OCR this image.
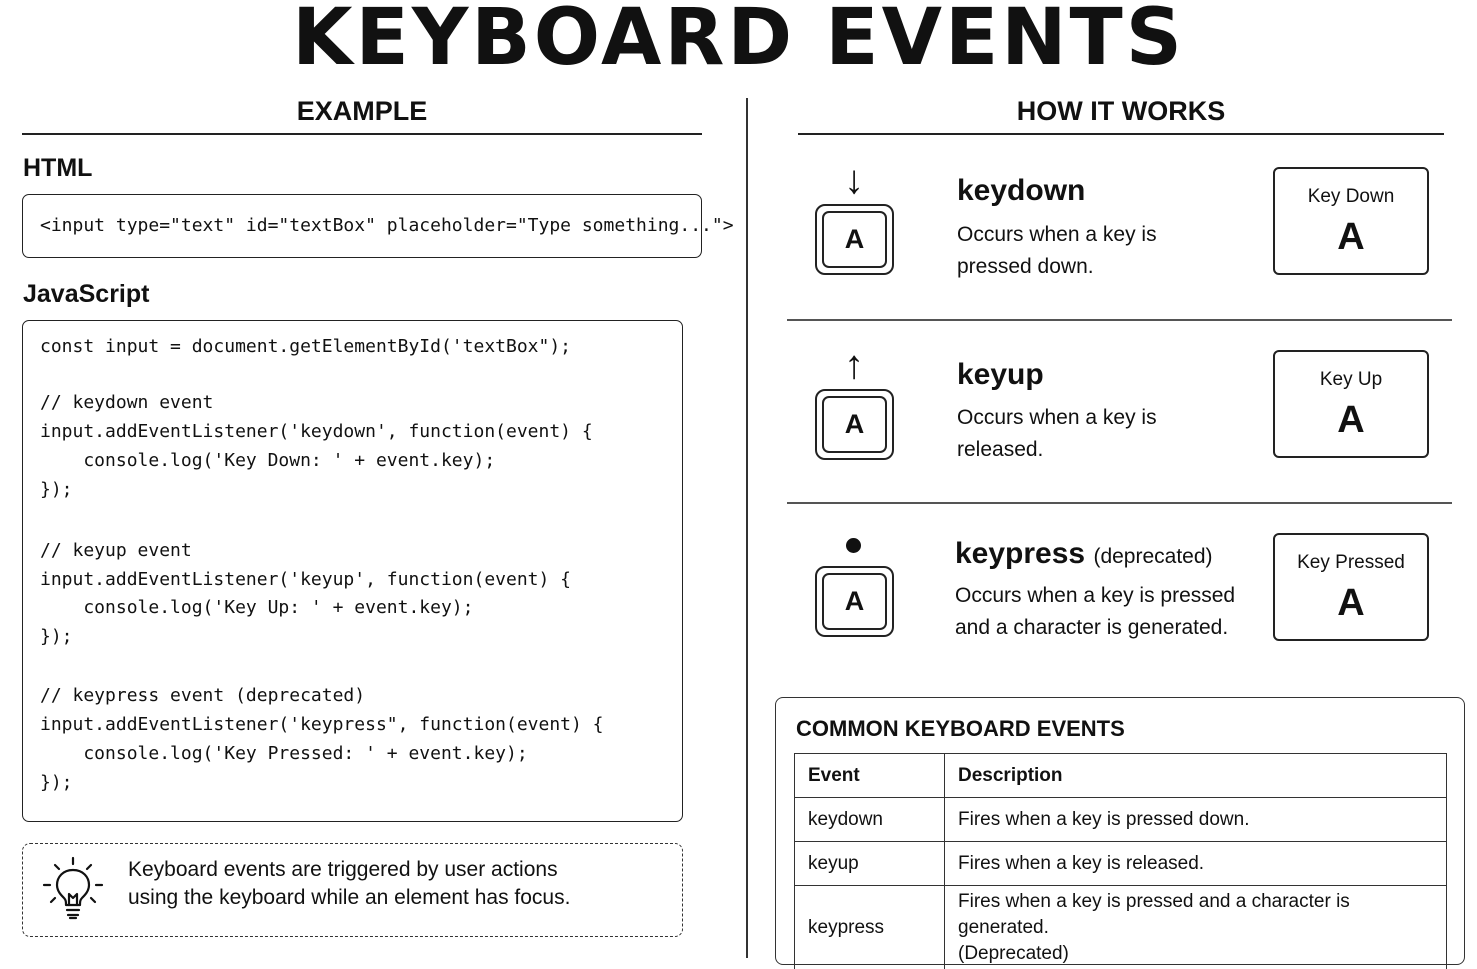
KEYBOARD EVENTS
EXAMPLE
HTML
<input type="text" id="textBox" placeholder="Type something...">
JavaScript
const input = document.getElementById('textBox");
// keydown event
input.addEventListener('keydown', function(event) {
console.log('Key Down: ' + event.key);
});
// keyup event
input.addEventListener('keyup', function(event) {
console.log('Key Up: ' + event.key);
});
// keypress event (deprecated)
input.addEventListener('keypress", function(event) {
console.log('Key Pressed: ' + event.key);
});
Keyboard events are triggered by user actions
using the keyboard while an element has focus.
HOW IT WORKS
↓
A
keydown
Occurs when a key is
pressed down.
Key Down
A
↑
A
keyup
Occurs when a key is
released.
Key Up
A
A
keypress (deprecated)
Occurs when a key is pressed
and a character is generated.
Key Pressed
A
COMMON KEYBOARD EVENTS
Event	Description
keydown	Fires when a key is pressed down.
keyup	Fires when a key is released.
keypress	Fires when a key is pressed and a character is generated.
(Deprecated)
